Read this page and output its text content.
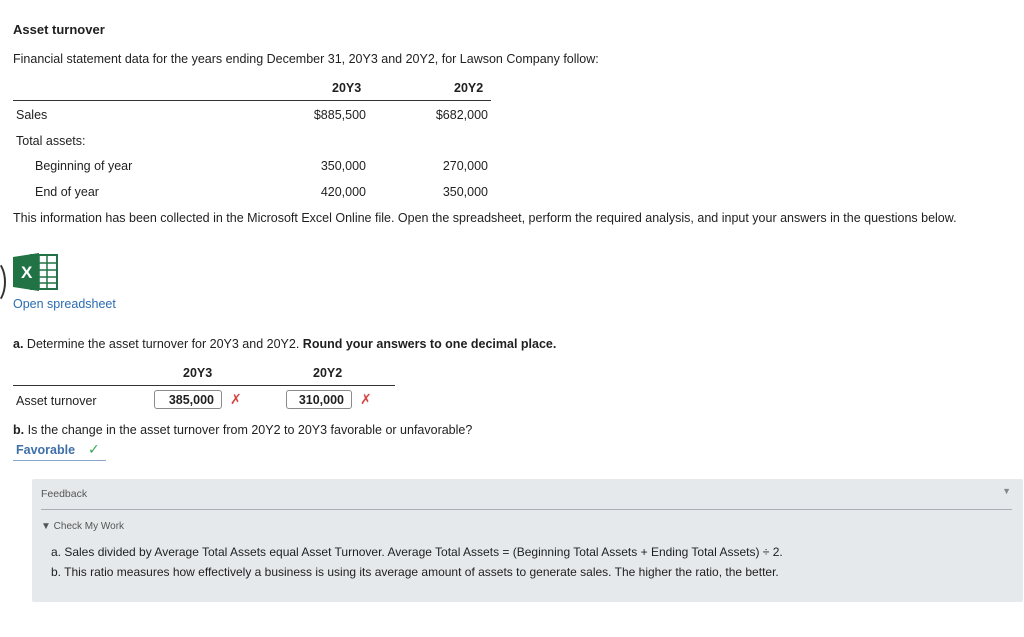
Asset turnover
Financial statement data for the years ending December 31, 20Y3 and 20Y2, for Lawson Company follow:
20Y3	20Y2
Sales	$885,500	$682,000
Total assets:
Beginning of year	350,000	270,000
End of year	420,000	350,000
This information has been collected in the Microsoft Excel Online file. Open the spreadsheet, perform the required analysis, and input your answers in the questions below.
X
Open spreadsheet
a. Determine the asset turnover for 20Y3 and 20Y2. Round your answers to one decimal place.
20Y3	20Y2
Asset turnover	385,000	✗	310,000	✗
b. Is the change in the asset turnover from 20Y2 to 20Y3 favorable or unfavorable?
Favorable ✓
Feedback	▼
▼ Check My Work
a. Sales divided by Average Total Assets equal Asset Turnover. Average Total Assets = (Beginning Total Assets + Ending Total Assets) ÷ 2.
b. This ratio measures how effectively a business is using its average amount of assets to generate sales. The higher the ratio, the better.
